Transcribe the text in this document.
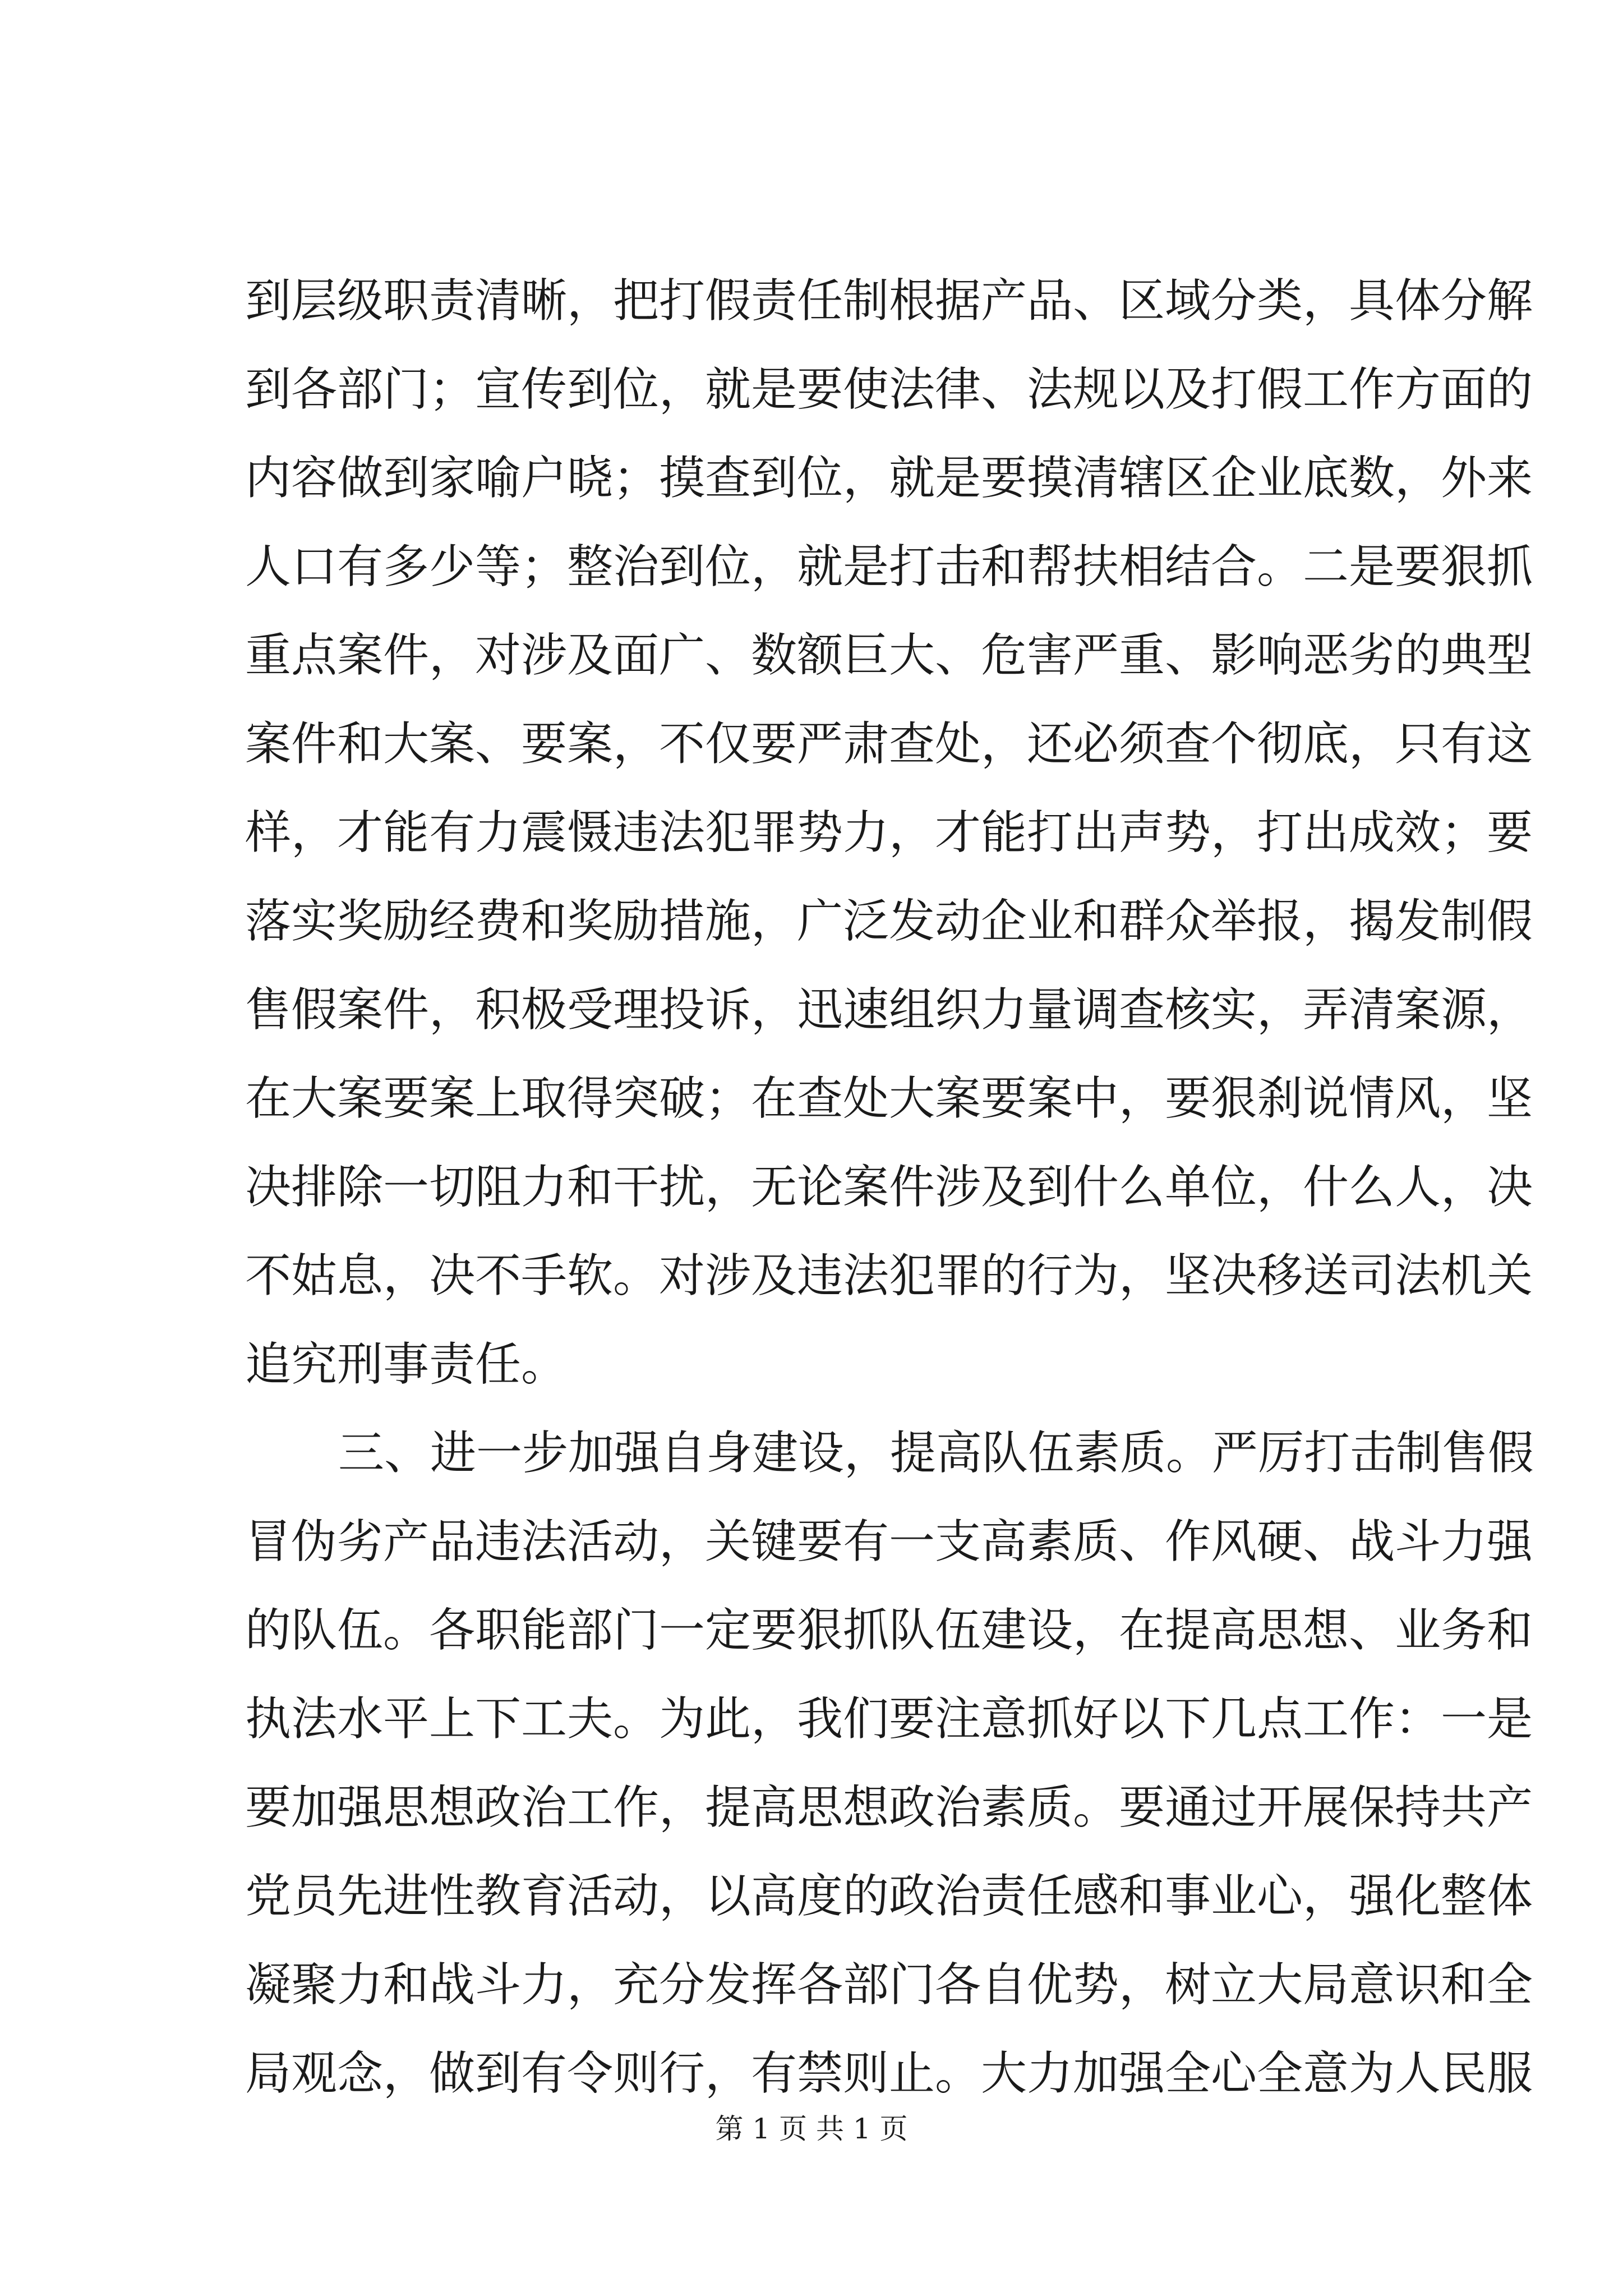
到层级职责清晰，把打假责任制根据产品、区域分类，具体分解
到各部门；宣传到位，就是要使法律、法规以及打假工作方面的
内容做到家喻户晓；摸查到位，就是要摸清辖区企业底数，外来
人口有多少等；整治到位，就是打击和帮扶相结合。二是要狠抓
重点案件，对涉及面广、数额巨大、危害严重、影响恶劣的典型
案件和大案、要案，不仅要严肃查处，还必须查个彻底，只有这
样，才能有力震慑违法犯罪势力，才能打出声势，打出成效；要
落实奖励经费和奖励措施，广泛发动企业和群众举报，揭发制假
售假案件，积极受理投诉，迅速组织力量调查核实，弄清案源，
在大案要案上取得突破；在查处大案要案中，要狠刹说情风，坚
决排除一切阻力和干扰，无论案件涉及到什么单位，什么人，决
不姑息，决不手软。对涉及违法犯罪的行为，坚决移送司法机关
追究刑事责任。
三、进一步加强自身建设，提高队伍素质。严厉打击制售假
冒伪劣产品违法活动，关键要有一支高素质、作风硬、战斗力强
的队伍。各职能部门一定要狠抓队伍建设，在提高思想、业务和
执法水平上下工夫。为此，我们要注意抓好以下几点工作：一是
要加强思想政治工作，提高思想政治素质。要通过开展保持共产
党员先进性教育活动，以高度的政治责任感和事业心，强化整体
凝聚力和战斗力，充分发挥各部门各自优势，树立大局意识和全
局观念，做到有令则行，有禁则止。大力加强全心全意为人民服
第 1 页 共 1 页
